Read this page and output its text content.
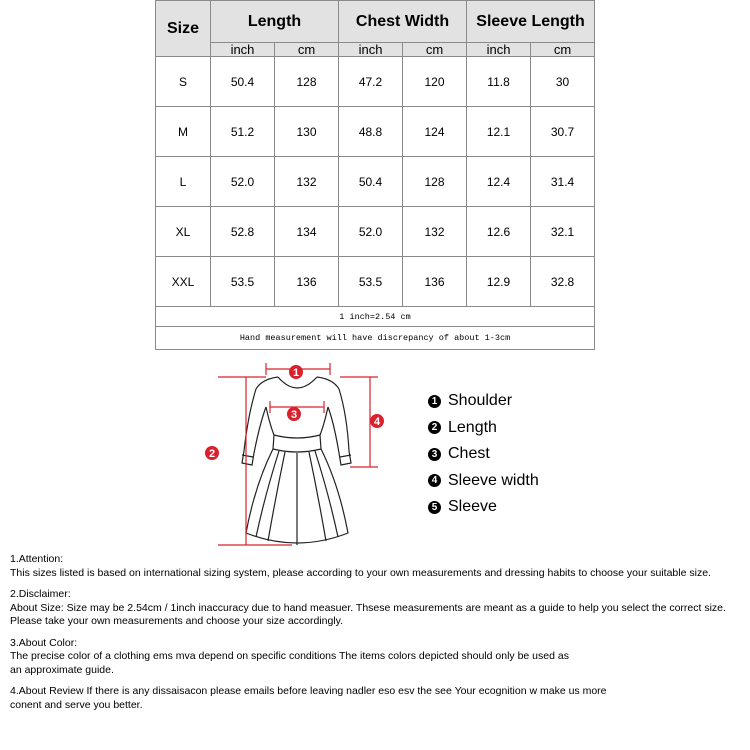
Size	Length		Chest Width		Sleeve Length	
	inch	cm	inch	cm	inch	cm
S	50.4	128	47.2	120	11.8	30
M	51.2	130	48.8	124	12.1	30.7
L	52.0	132	50.4	128	12.4	31.4
XL	52.8	134	52.0	132	12.6	32.1
XXL	53.5	136	53.5	136	12.9	32.8
1 inch=2.54 cm						
Hand measurement will have discrepancy of about 1-3cm						
1
2
3
4
1 Shoulder
2 Length
3 Chest
4 Sleeve width
5 Sleeve

1.Attention:

This sizes listed is based on international sizing system, please according to your own measurements and dressing habits to choose your suitable size.

2.Disclaimer:

About Size: Size may be 2.54cm / 1inch inaccuracy due to hand measuer. Thsese measurements are meant as a guide to help you select the correct size.

Please take your own measurements and choose your size accordingly.

3.About Color:

The precise color of a clothing ems mva depend on specific conditions The items colors depicted should only be used as

an approximate guide.

4.About Review If there is any dissaisacon please emails before leaving nadler eso esv the see Your ecognition w make us more

conent and serve you better.
